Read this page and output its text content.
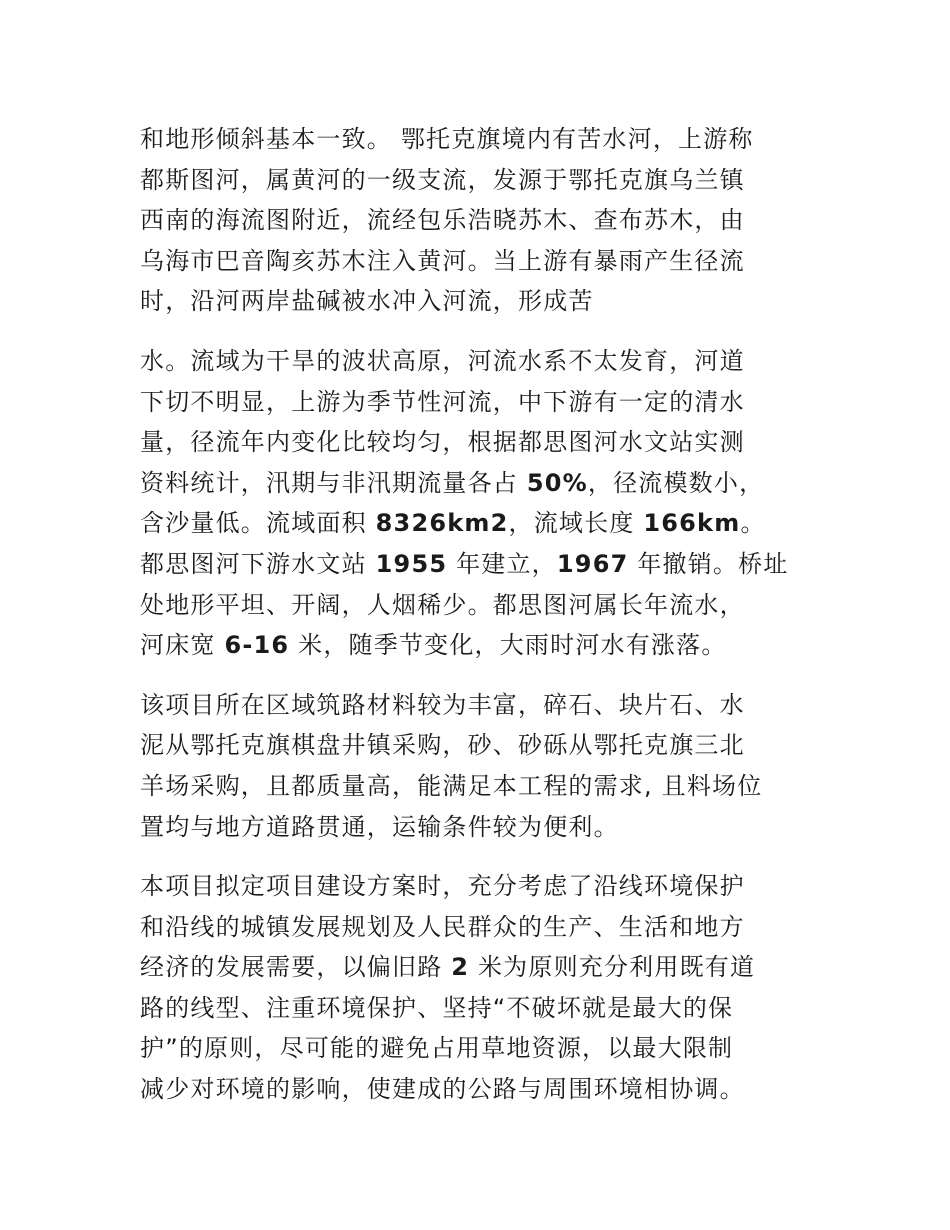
和地形倾斜基本一致。 鄂托克旗境内有苦水河，上游称
都斯图河，属黄河的一级支流，发源于鄂托克旗乌兰镇
西南的海流图附近，流经包乐浩晓苏木、查布苏木，由
乌海市巴音陶亥苏木注入黄河。当上游有暴雨产生径流
时，沿河两岸盐碱被水冲入河流，形成苦

水。流域为干旱的波状高原，河流水系不太发育，河道
下切不明显，上游为季节性河流，中下游有一定的清水
量，径流年内变化比较均匀，根据都思图河水文站实测
资料统计，汛期与非汛期流量各占 50%，径流模数小，
含沙量低。流域面积 8326km2，流域长度 166km。
都思图河下游水文站 1955 年建立，1967 年撤销。桥址
处地形平坦、开阔，人烟稀少。都思图河属长年流水，
河床宽 6-16 米，随季节变化，大雨时河水有涨落。

该项目所在区域筑路材料较为丰富，碎石、块片石、水
泥从鄂托克旗棋盘井镇采购，砂、砂砾从鄂托克旗三北
羊场采购，且都质量高，能满足本工程的需求, 且料场位
置均与地方道路贯通，运输条件较为便利。

本项目拟定项目建设方案时，充分考虑了沿线环境保护
和沿线的城镇发展规划及人民群众的生产、生活和地方
经济的发展需要，以偏旧路 2 米为原则充分利用既有道
路的线型、注重环境保护、坚持“不破坏就是最大的保
护”的原则，尽可能的避免占用草地资源，以最大限制
减少对环境的影响，使建成的公路与周围环境相协调。
